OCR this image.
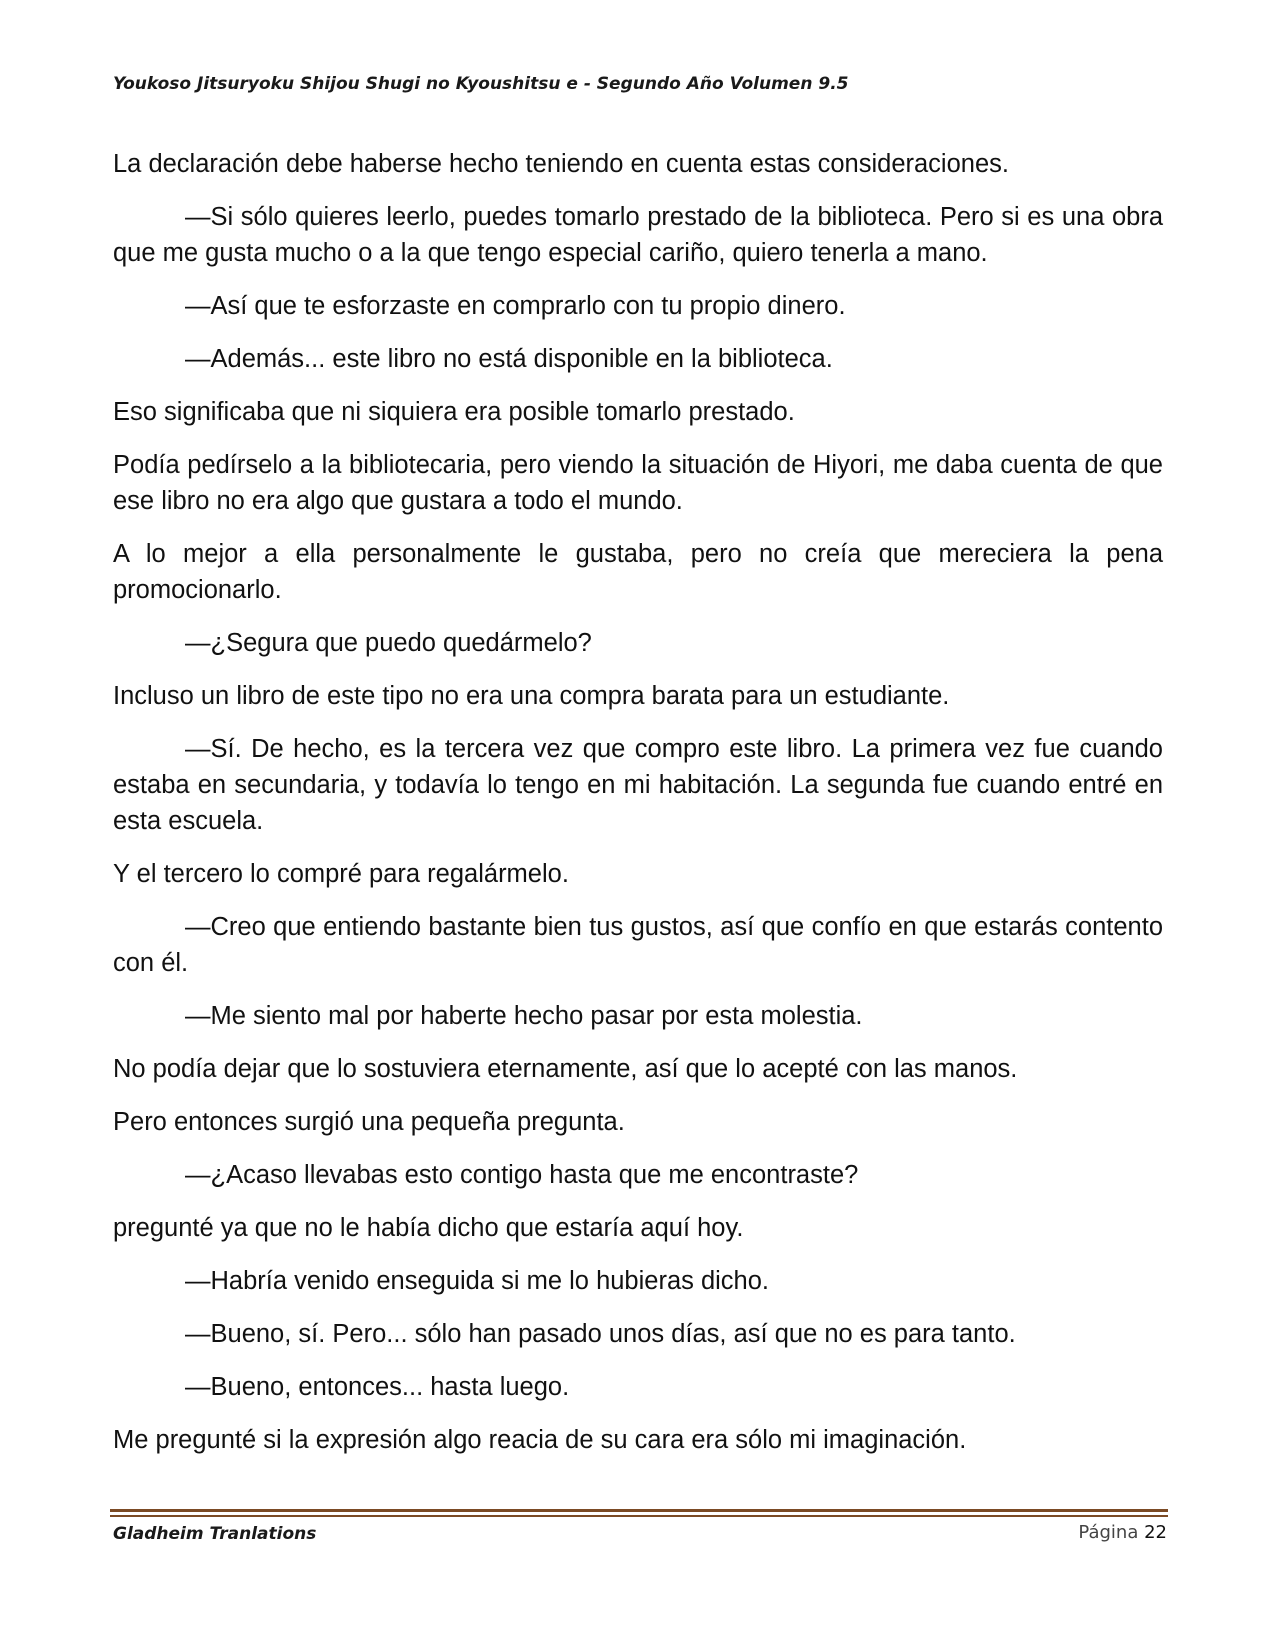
Youkoso Jitsuryoku Shijou Shugi no Kyoushitsu e - Segundo Año Volumen 9.5

La declaración debe haberse hecho teniendo en cuenta estas consideraciones.

—Si sólo quieres leerlo, puedes tomarlo prestado de la biblioteca. Pero si es una obra que me gusta mucho o a la que tengo especial cariño, quiero tenerla a mano.

—Así que te esforzaste en comprarlo con tu propio dinero.

—Además... este libro no está disponible en la biblioteca.

Eso significaba que ni siquiera era posible tomarlo prestado.

Podía pedírselo a la bibliotecaria, pero viendo la situación de Hiyori, me daba cuenta de que ese libro no era algo que gustara a todo el mundo.

A lo mejor a ella personalmente le gustaba, pero no creía que mereciera la pena promocionarlo.

—¿Segura que puedo quedármelo?

Incluso un libro de este tipo no era una compra barata para un estudiante.

—Sí. De hecho, es la tercera vez que compro este libro. La primera vez fue cuando estaba en secundaria, y todavía lo tengo en mi habitación. La segunda fue cuando entré en esta escuela.

Y el tercero lo compré para regalármelo.

—Creo que entiendo bastante bien tus gustos, así que confío en que estarás contento con él.

—Me siento mal por haberte hecho pasar por esta molestia.

No podía dejar que lo sostuviera eternamente, así que lo acepté con las manos.

Pero entonces surgió una pequeña pregunta.

—¿Acaso llevabas esto contigo hasta que me encontraste?

pregunté ya que no le había dicho que estaría aquí hoy.

—Habría venido enseguida si me lo hubieras dicho.

—Bueno, sí. Pero... sólo han pasado unos días, así que no es para tanto.

—Bueno, entonces... hasta luego.

Me pregunté si la expresión algo reacia de su cara era sólo mi imaginación.

Gladheim Tranlations	Página 22
